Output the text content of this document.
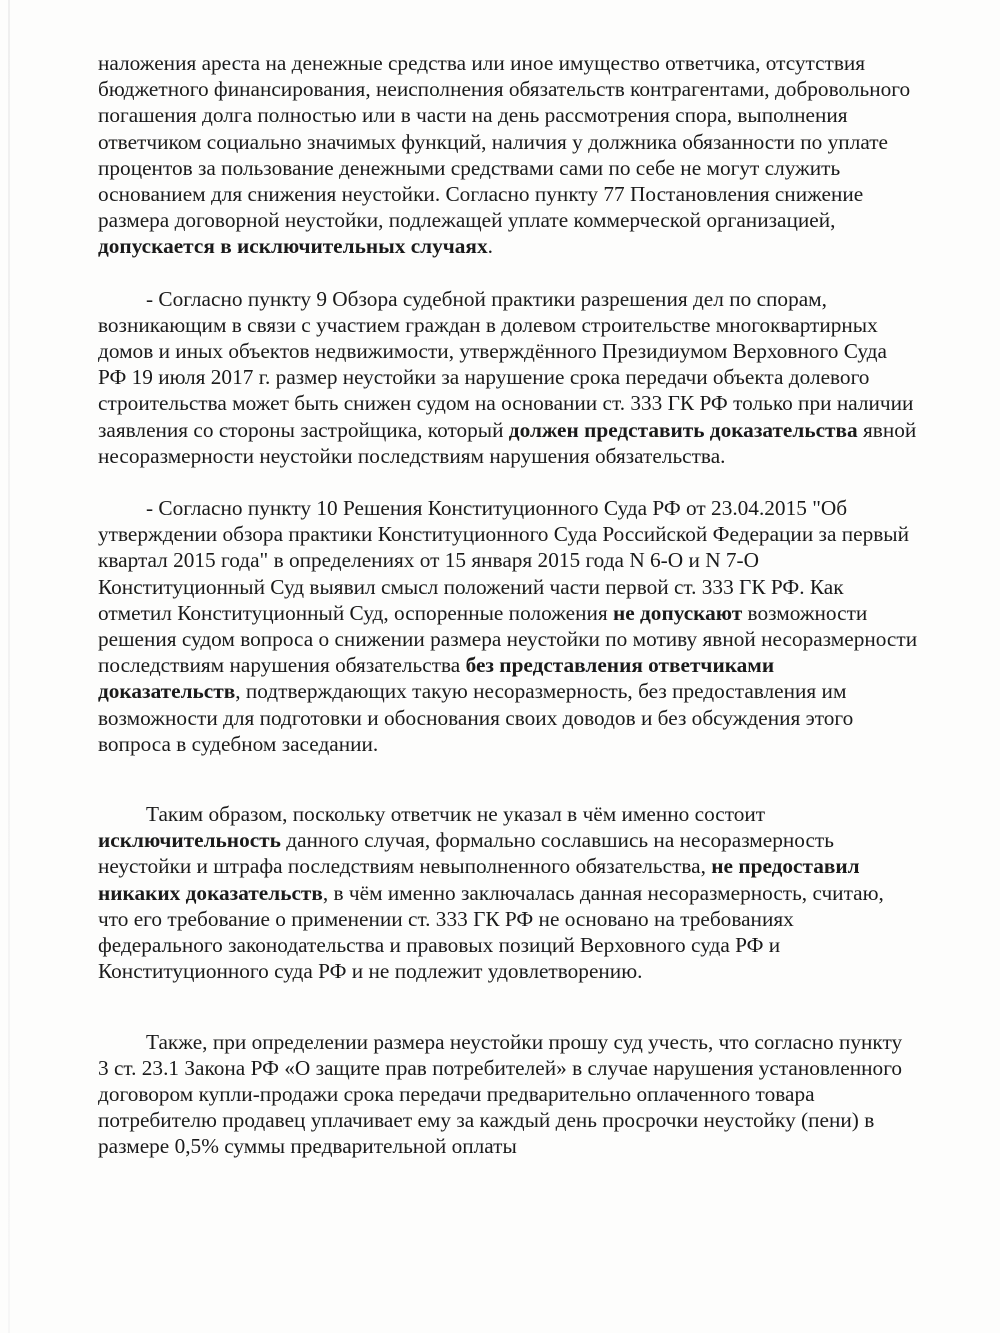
наложения ареста на денежные средства или иное имущество ответчика, отсутствия бюджетного финансирования, неисполнения обязательств контрагентами, добровольного погашения долга полностью или в части на день рассмотрения спора, выполнения ответчиком социально значимых функций, наличия у должника обязанности по уплате процентов за пользование денежными средствами сами по себе не могут служить основанием для снижения неустойки. Согласно пункту 77 Постановления снижение размера договорной неустойки, подлежащей уплате коммерческой организацией, допускается в исключительных случаях.

- Согласно пункту 9 Обзора судебной практики разрешения дел по спорам, возникающим в связи с участием граждан в долевом строительстве многоквартирных домов и иных объектов недвижимости, утверждённого Президиумом Верховного Суда РФ 19 июля 2017 г. размер неустойки за нарушение срока передачи объекта долевого строительства может быть снижен судом на основании ст. 333 ГК РФ только при наличии заявления со стороны застройщика, который должен представить доказательства явной несоразмерности неустойки последствиям нарушения обязательства.

- Согласно пункту 10 Решения Конституционного Суда РФ от 23.04.2015 "Об утверждении обзора практики Конституционного Суда Российской Федерации за первый квартал 2015 года" в определениях от 15 января 2015 года N 6-О и N 7-О Конституционный Суд выявил смысл положений части первой ст. 333 ГК РФ. Как отметил Конституционный Суд, оспоренные положения не допускают возможности решения судом вопроса о снижении размера неустойки по мотиву явной несоразмерности последствиям нарушения обязательства без представления ответчиками доказательств, подтверждающих такую несоразмерность, без предоставления им возможности для подготовки и обоснования своих доводов и без обсуждения этого вопроса в судебном заседании.

Таким образом, поскольку ответчик не указал в чём именно состоит исключительность данного случая, формально сославшись на несоразмерность неустойки и штрафа последствиям невыполненного обязательства, не предоставил никаких доказательств, в чём именно заключалась данная несоразмерность, считаю, что его требование о применении ст. 333 ГК РФ не основано на требованиях федерального законодательства и правовых позиций Верховного суда РФ и Конституционного суда РФ и не подлежит удовлетворению.

Также, при определении размера неустойки прошу суд учесть, что согласно пункту 3 ст. 23.1 Закона РФ «О защите прав потребителей» в случае нарушения установленного договором купли-продажи срока передачи предварительно оплаченного товара потребителю продавец уплачивает ему за каждый день просрочки неустойку (пени) в размере 0,5% суммы предварительной оплаты
